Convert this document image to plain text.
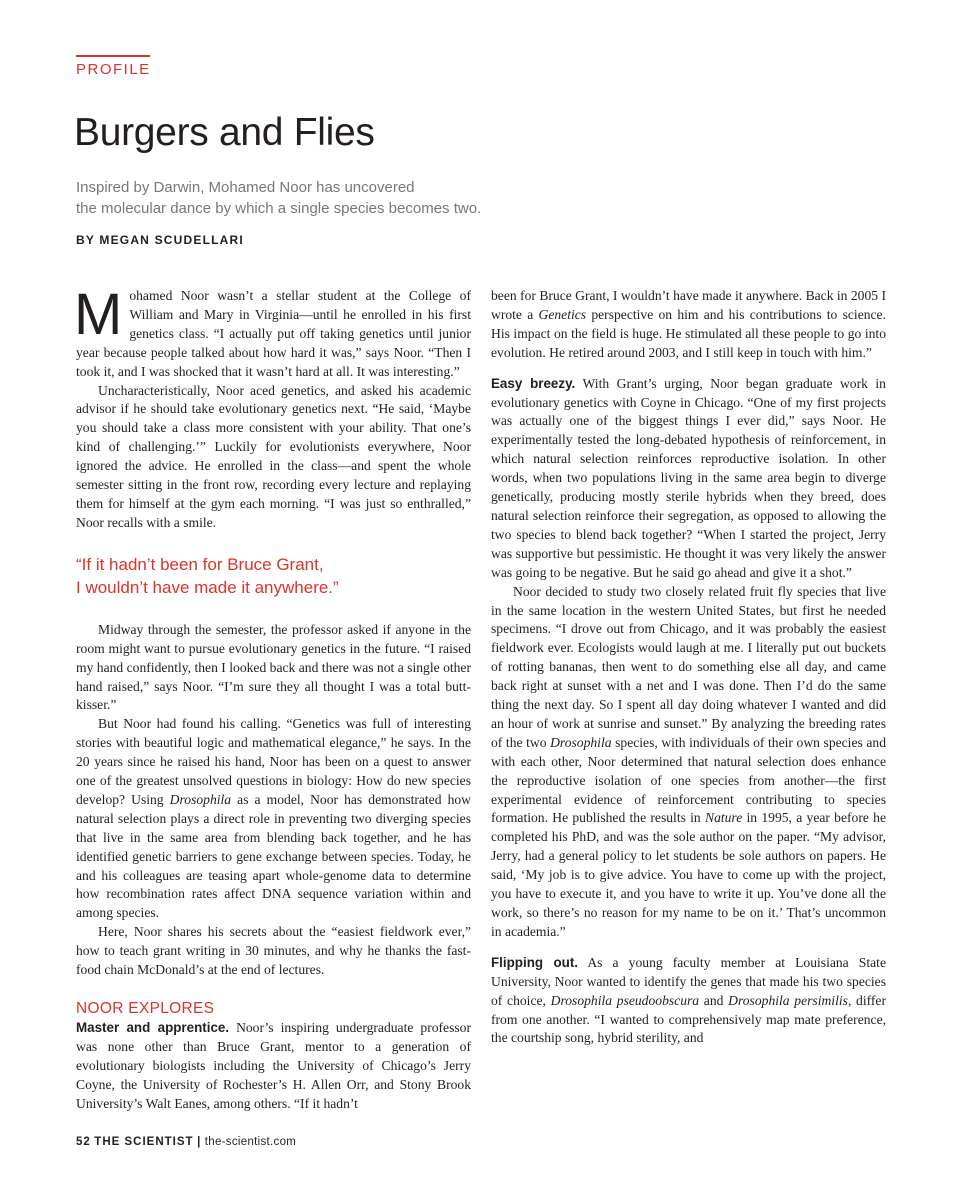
PROFILE
Burgers and Flies
Inspired by Darwin, Mohamed Noor has uncovered
the molecular dance by which a single species becomes two.
BY MEGAN SCUDELLARI

Mohamed Noor wasn’t a stellar student at the College of William and Mary in Virginia—until he enrolled in his first genetics class. “I actually put off taking genetics until junior year because people talked about how hard it was,” says Noor. “Then I took it, and I was shocked that it wasn’t hard at all. It was interesting.”

Uncharacteristically, Noor aced genetics, and asked his academic advisor if he should take evolutionary genetics next. “He said, ‘Maybe you should take a class more consistent with your ability. That one’s kind of challenging.’” Luckily for evolutionists everywhere, Noor ignored the advice. He enrolled in the class—and spent the whole semester sitting in the front row, recording every lecture and replaying them for himself at the gym each morning. “I was just so enthralled,” Noor recalls with a smile.

“If it hadn’t been for Bruce Grant,
I wouldn’t have made it anywhere.”

Midway through the semester, the professor asked if anyone in the room might want to pursue evolutionary genetics in the future. “I raised my hand confidently, then I looked back and there was not a single other hand raised,” says Noor. “I’m sure they all thought I was a total butt-kisser.”

But Noor had found his calling. “Genetics was full of interesting stories with beautiful logic and mathematical elegance,” he says. In the 20 years since he raised his hand, Noor has been on a quest to answer one of the greatest unsolved questions in biology: How do new species develop? Using Drosophila as a model, Noor has demonstrated how natural selection plays a direct role in preventing two diverging species that live in the same area from blending back together, and he has identified genetic barriers to gene exchange between species. Today, he and his colleagues are teasing apart whole-genome data to determine how recombination rates affect DNA sequence variation within and among species.

Here, Noor shares his secrets about the “easiest fieldwork ever,” how to teach grant writing in 30 minutes, and why he thanks the fast-food chain McDonald’s at the end of lectures.

NOOR EXPLORES

Master and apprentice. Noor’s inspiring undergraduate professor was none other than Bruce Grant, mentor to a generation of evolutionary biologists including the University of Chicago’s Jerry Coyne, the University of Rochester’s H. Allen Orr, and Stony Brook University’s Walt Eanes, among others. “If it hadn’t

been for Bruce Grant, I wouldn’t have made it anywhere. Back in 2005 I wrote a Genetics perspective on him and his contributions to science. His impact on the field is huge. He stimulated all these people to go into evolution. He retired around 2003, and I still keep in touch with him.”

Easy breezy. With Grant’s urging, Noor began graduate work in evolutionary genetics with Coyne in Chicago. “One of my first projects was actually one of the biggest things I ever did,” says Noor. He experimentally tested the long-debated hypothesis of reinforcement, in which natural selection reinforces reproductive isolation. In other words, when two populations living in the same area begin to diverge genetically, producing mostly sterile hybrids when they breed, does natural selection reinforce their segregation, as opposed to allowing the two species to blend back together? “When I started the project, Jerry was supportive but pessimistic. He thought it was very likely the answer was going to be negative. But he said go ahead and give it a shot.”

Noor decided to study two closely related fruit fly species that live in the same location in the western United States, but first he needed specimens. “I drove out from Chicago, and it was probably the easiest fieldwork ever. Ecologists would laugh at me. I literally put out buckets of rotting bananas, then went to do something else all day, and came back right at sunset with a net and I was done. Then I’d do the same thing the next day. So I spent all day doing whatever I wanted and did an hour of work at sunrise and sunset.” By analyzing the breeding rates of the two Drosophila species, with individuals of their own species and with each other, Noor determined that natural selection does enhance the reproductive isolation of one species from another—the first experimental evidence of reinforcement contributing to species formation. He published the results in Nature in 1995, a year before he completed his PhD, and was the sole author on the paper. “My advisor, Jerry, had a general policy to let students be sole authors on papers. He said, ‘My job is to give advice. You have to come up with the project, you have to execute it, and you have to write it up. You’ve done all the work, so there’s no reason for my name to be on it.’ That’s uncommon in academia.”

Flipping out. As a young faculty member at Louisiana State University, Noor wanted to identify the genes that made his two species of choice, Drosophila pseudoobscura and Drosophila persimilis, differ from one another. “I wanted to comprehensively map mate preference, the courtship song, hybrid sterility, and

52 THE SCIENTIST | the-scientist.com
